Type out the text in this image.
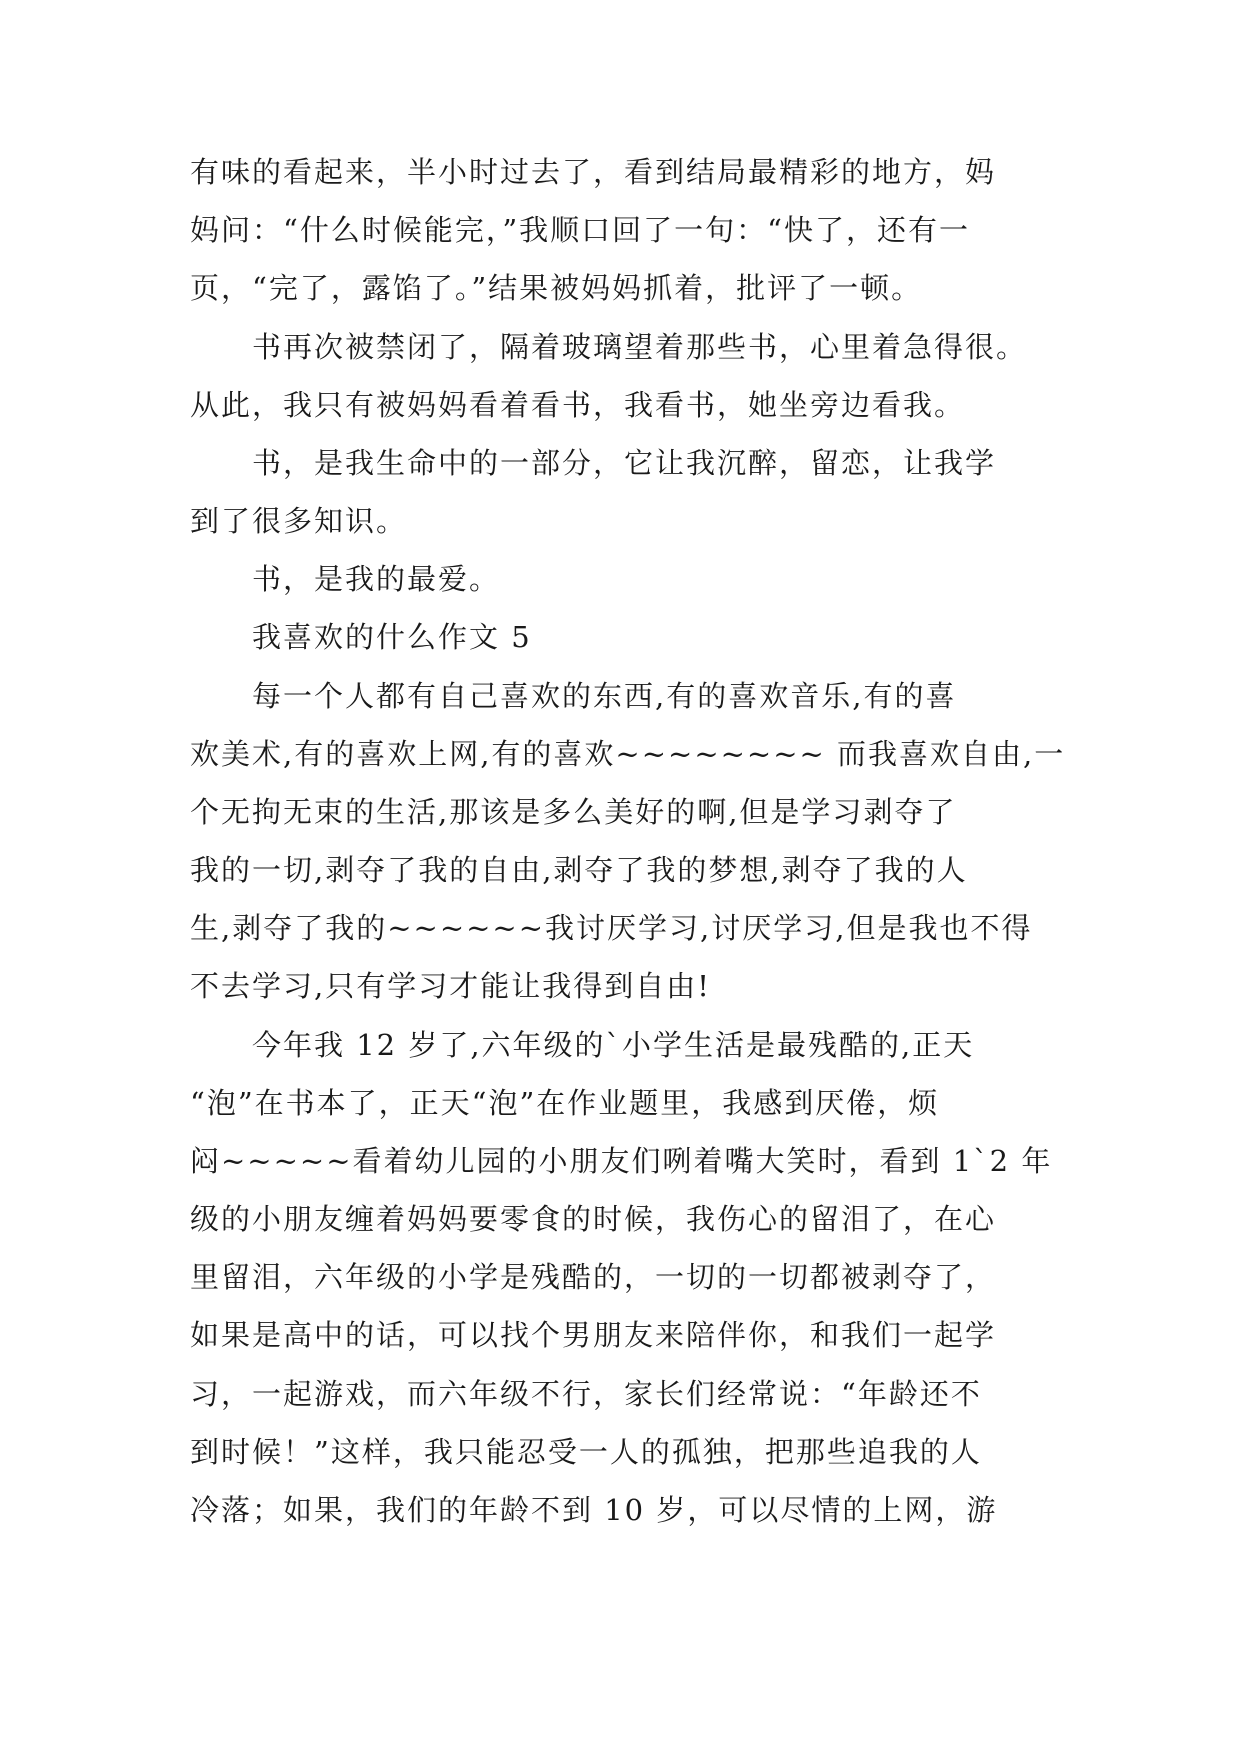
有味的看起来，半小时过去了，看到结局最精彩的地方，妈
妈问：“什么时候能完，”我顺口回了一句：“快了，还有一
页，“完了，露馅了。”结果被妈妈抓着，批评了一顿。
　　书再次被禁闭了，隔着玻璃望着那些书，心里着急得很。
从此，我只有被妈妈看着看书，我看书，她坐旁边看我。
　　书，是我生命中的一部分，它让我沉醉，留恋，让我学
到了很多知识。
　　书，是我的最爱。
　　我喜欢的什么作文 5
　　每一个人都有自己喜欢的东西,有的喜欢音乐,有的喜
欢美术,有的喜欢上网,有的喜欢~~~~~~~~ 而我喜欢自由,一
个无拘无束的生活,那该是多么美好的啊,但是学习剥夺了
我的一切,剥夺了我的自由,剥夺了我的梦想,剥夺了我的人
生,剥夺了我的~~~~~~我讨厌学习,讨厌学习,但是我也不得
不去学习,只有学习才能让我得到自由!
　　今年我 12 岁了,六年级的`小学生活是最残酷的,正天
“泡”在书本了，正天“泡”在作业题里，我感到厌倦，烦
闷~~~~~看着幼儿园的小朋友们咧着嘴大笑时，看到 1`2 年
级的小朋友缠着妈妈要零食的时候，我伤心的留泪了，在心
里留泪，六年级的小学是残酷的，一切的一切都被剥夺了，
如果是高中的话，可以找个男朋友来陪伴你，和我们一起学
习，一起游戏，而六年级不行，家长们经常说：“年龄还不
到时候！”这样，我只能忍受一人的孤独，把那些追我的人
冷落；如果，我们的年龄不到 10 岁，可以尽情的上网，游
